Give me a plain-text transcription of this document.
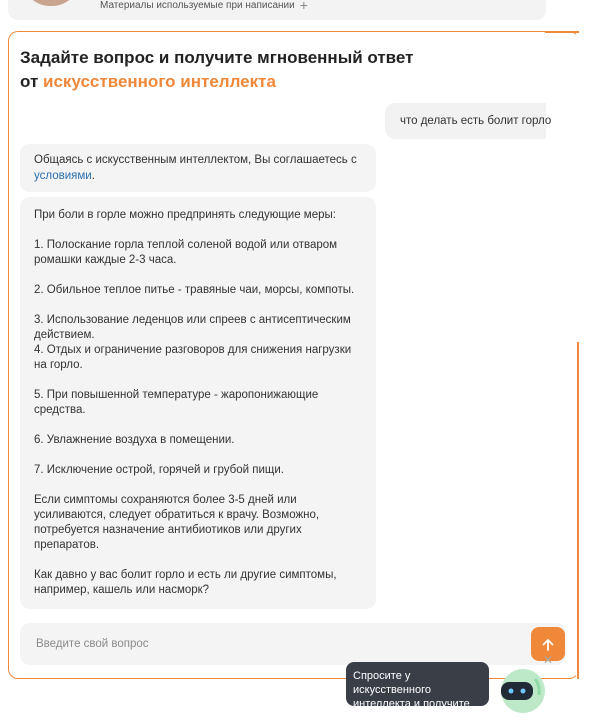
Материалы используемые при написании +
Задайте вопрос и получите мгновенный ответ
от искусственного интеллекта
что делать есть болит горло
Общаясь с искусственным интеллектом, Вы соглашаетесь с условиями.

При боли в горле можно предпринять следующие меры:

1. Полоскание горла теплой соленой водой или отваром ромашки каждые 2-3 часа.

2. Обильное теплое питье - травяные чаи, морсы, компоты.

3. Использование леденцов или спреев с антисептическим действием.

4. Отдых и ограничение разговоров для снижения нагрузки на горло.

5. При повышенной температуре - жаропонижающие средства.

6. Увлажнение воздуха в помещении.

7. Исключение острой, горячей и грубой пищи.

Если симптомы сохраняются более 3-5 дней или усиливаются, следует обратиться к врачу. Возможно, потребуется назначение антибиотиков или других препаратов.

Как давно у вас болит горло и есть ли другие симптомы, например, кашель или насморк?

Введите свой вопрос
✕
Спросите у искусственного интеллекта и получите мгновенный ответ
